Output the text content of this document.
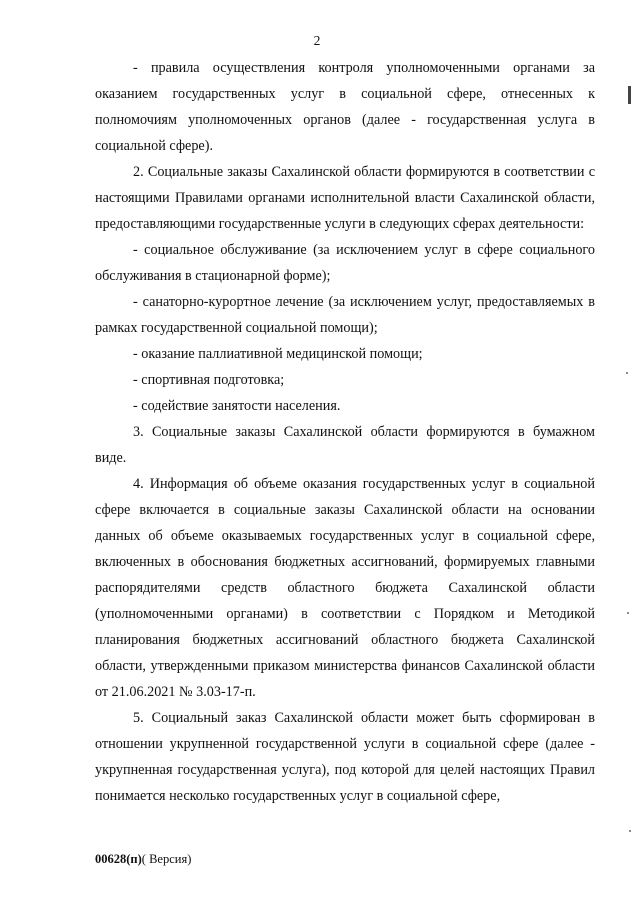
2

- правила осуществления контроля уполномоченными органами за оказанием государственных услуг в социальной сфере, отнесенных к полномочиям уполномоченных органов (далее - государственная услуга в социальной сфере).

2. Социальные заказы Сахалинской области формируются в соответствии с настоящими Правилами органами исполнительной власти Сахалинской области, предоставляющими государственные услуги в следующих сферах деятельности:

- социальное обслуживание (за исключением услуг в сфере социального обслуживания в стационарной форме);

- санаторно-курортное лечение (за исключением услуг, предоставляемых в рамках государственной социальной помощи);

- оказание паллиативной медицинской помощи;

- спортивная подготовка;

- содействие занятости населения.

3. Социальные заказы Сахалинской области формируются в бумажном виде.

4. Информация об объеме оказания государственных услуг в социальной сфере включается в социальные заказы Сахалинской области на основании данных об объеме оказываемых государственных услуг в социальной сфере, включенных в обоснования бюджетных ассигнований, формируемых главными распорядителями средств областного бюджета Сахалинской области (уполномоченными органами) в соответствии с Порядком и Методикой планирования бюджетных ассигнований областного бюджета Сахалинской области, утвержденными приказом министерства финансов Сахалинской области от 21.06.2021 № 3.03-17-п.

5. Социальный заказ Сахалинской области может быть сформирован в отношении укрупненной государственной услуги в социальной сфере (далее - укрупненная государственная услуга), под которой для целей настоящих Правил понимается несколько государственных услуг в социальной сфере,

00628(п)( Версия)
